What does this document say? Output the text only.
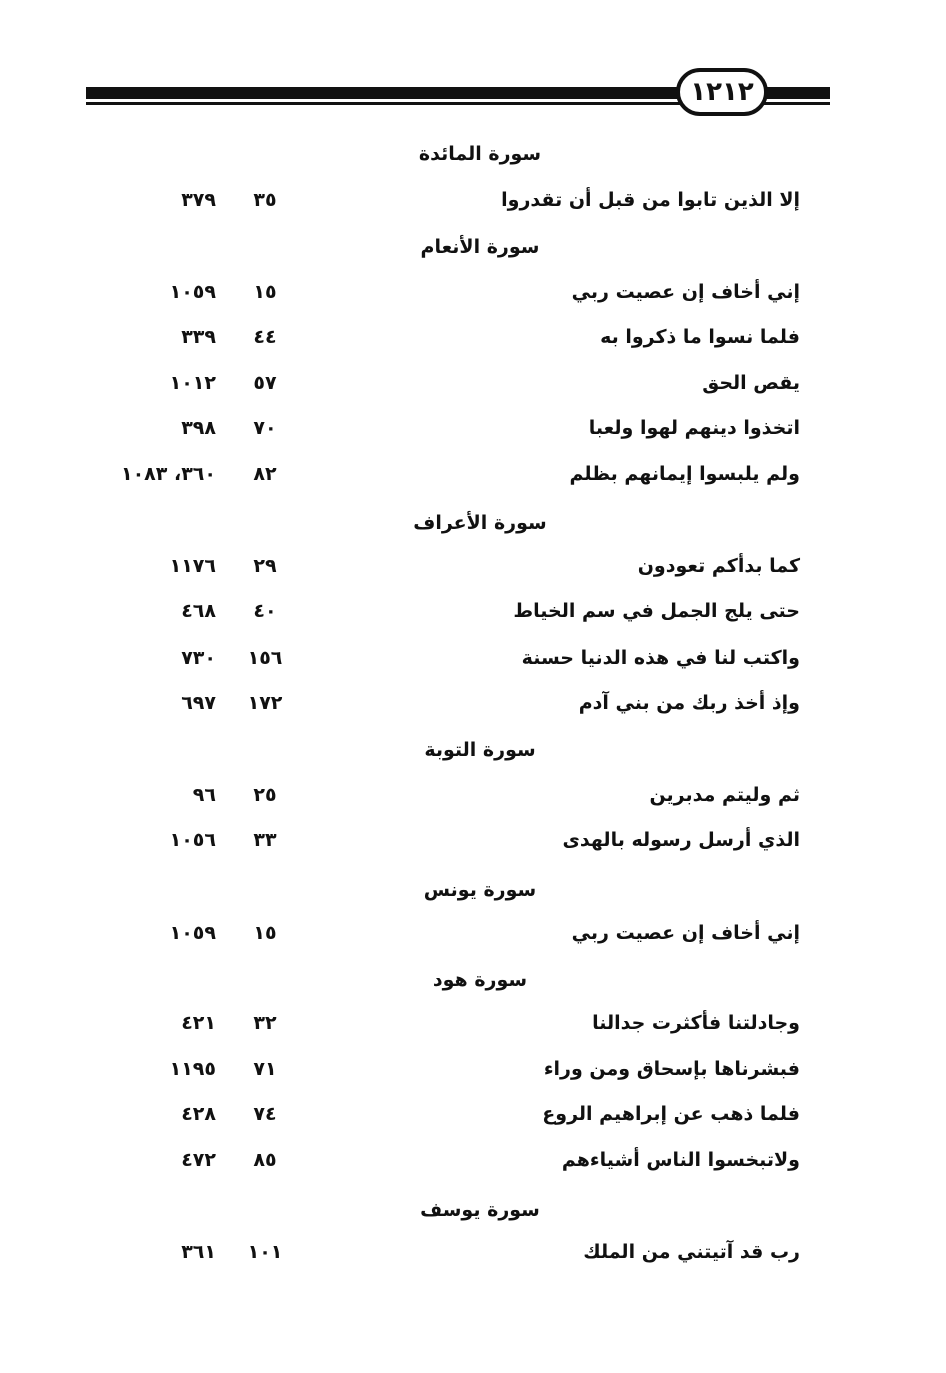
١٢١٢
سورة المائدة
إلا الذين تابوا من قبل أن تقدروا
٣٥
٣٧٩
سورة الأنعام
إني أخاف إن عصيت ربي
١٥
١٠٥٩
فلما نسوا ما ذكروا به
٤٤
٣٣٩
يقص الحق
٥٧
١٠١٢
اتخذوا دينهم لهوا ولعبا
٧٠
٣٩٨
ولم يلبسوا إيمانهم بظلم
٨٢
٣٦٠، ١٠٨٣
سورة الأعراف
كما بدأكم تعودون
٢٩
١١٧٦
حتى يلج الجمل في سم الخياط
٤٠
٤٦٨
واكتب لنا في هذه الدنيا حسنة
١٥٦
٧٣٠
وإذ أخذ ربك من بني آدم
١٧٢
٦٩٧
سورة التوبة
ثم وليتم مدبرين
٢٥
٩٦
الذي أرسل رسوله بالهدى
٣٣
١٠٥٦
سورة يونس
إني أخاف إن عصيت ربي
١٥
١٠٥٩
سورة هود
وجادلتنا فأكثرت جدالنا
٣٢
٤٢١
فبشرناها بإسحاق ومن وراء
٧١
١١٩٥
فلما ذهب عن إبراهيم الروع
٧٤
٤٢٨
ولاتبخسوا الناس أشياءهم
٨٥
٤٧٢
سورة يوسف
رب قد آتيتني من الملك
١٠١
٣٦١
